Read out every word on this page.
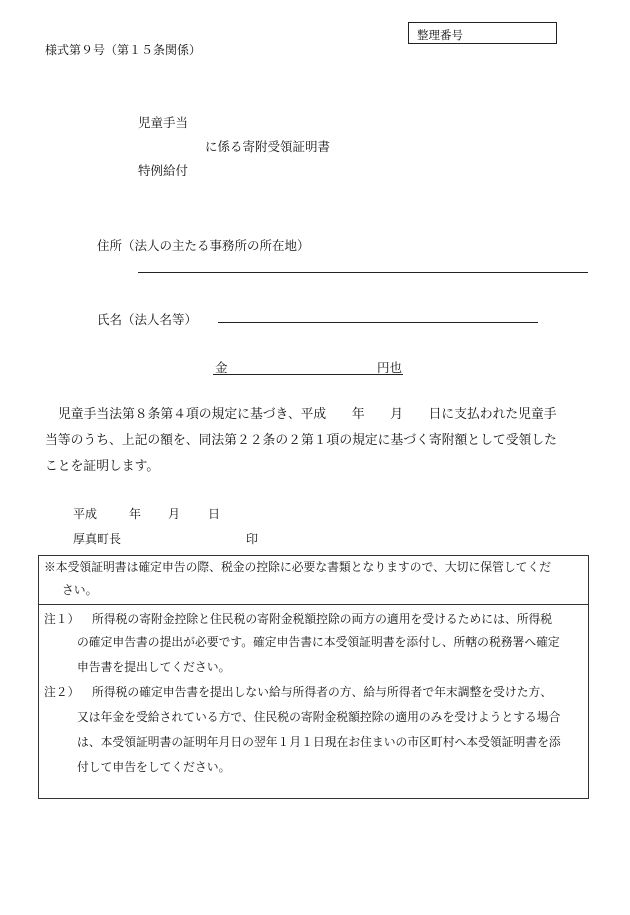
様式第９号（第１５条関係）
整理番号
児童手当
に係る寄附受領証明書
特例給付
住所（法人の主たる事務所の所在地）
氏名（法人名等）
金	円也
児童手当法第８条第４項の規定に基づき、平成　　年　　月　　日に支払われた児童手
当等のうち、上記の額を、同法第２２条の２第１項の規定に基づく寄附額として受領した
ことを証明します。
平成	年 月 日
厚真町長	印
※本受領証明書は確定申告の際、税金の控除に必要な書類となりますので、大切に保管してくだ
さい。
注１） 所得税の寄附金控除と住民税の寄附金税額控除の両方の適用を受けるためには、所得税
の確定申告書の提出が必要です。確定申告書に本受領証明書を添付し、所轄の税務署へ確定
申告書を提出してください。
注２） 所得税の確定申告書を提出しない給与所得者の方、給与所得者で年末調整を受けた方、
又は年金を受給されている方で、住民税の寄附金税額控除の適用のみを受けようとする場合
は、本受領証明書の証明年月日の翌年１月１日現在お住まいの市区町村へ本受領証明書を添
付して申告をしてください。
